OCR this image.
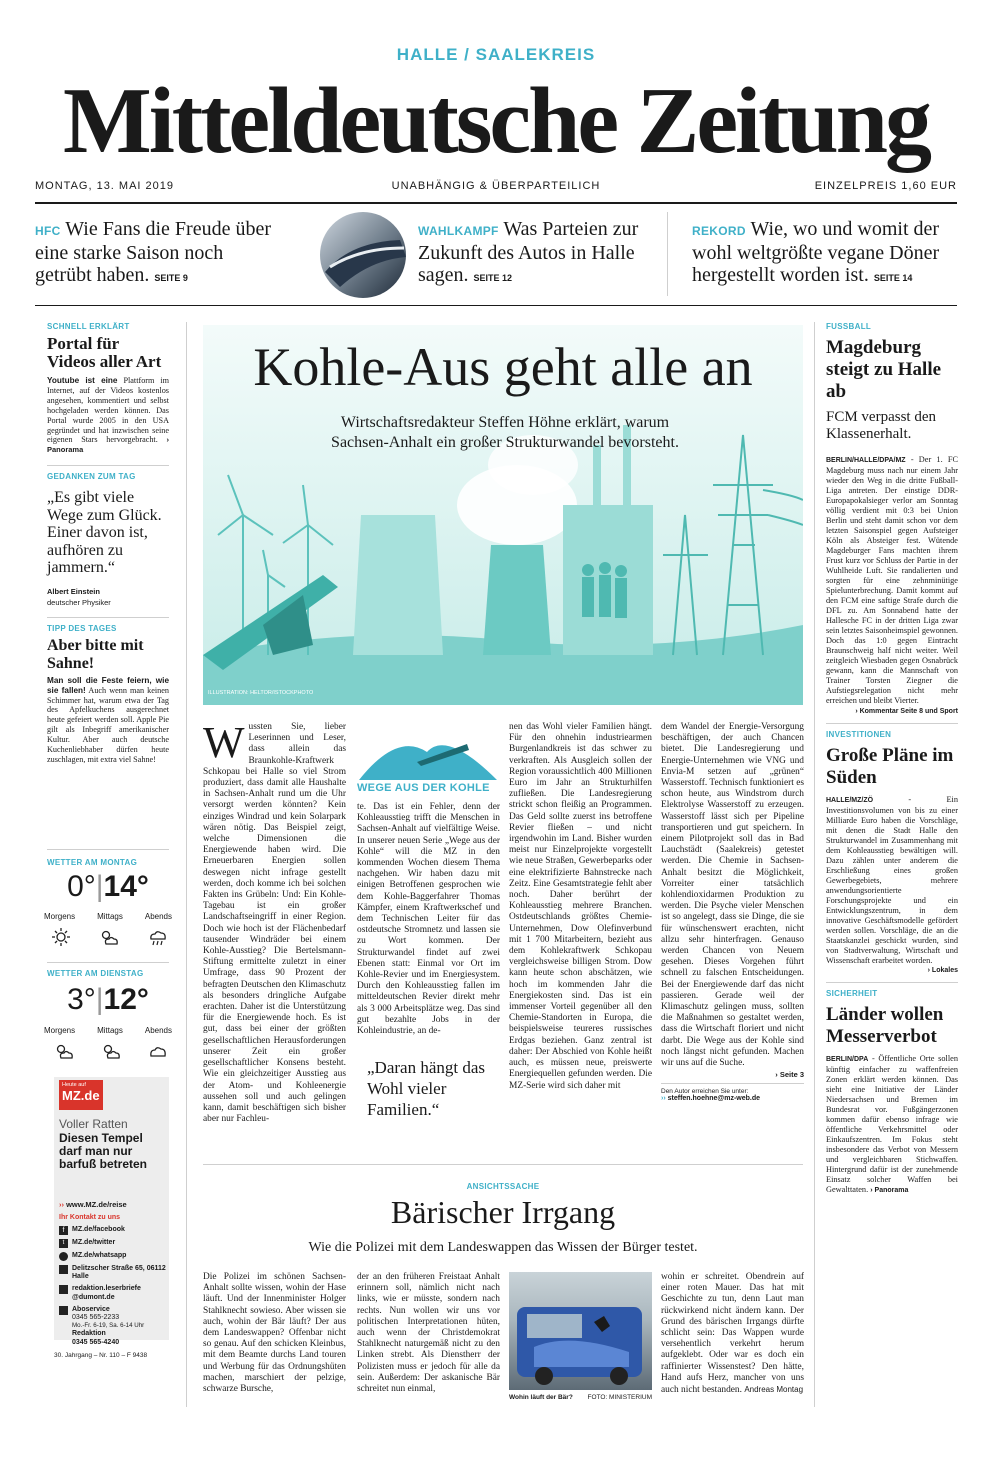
HALLE / SAALEKREIS
Mitteldeutsche Zeitung
MONTAG, 13. MAI 2019	UNABHÄNGIG & ÜBERPARTEILICH	EINZELPREIS 1,60 EUR
HFC Wie Fans die Freude über eine starke Saison noch getrübt haben. SEITE 9
WAHLKAMPF Was Parteien zur Zukunft des Autos in Halle sagen. SEITE 12
REKORD Wie, wo und womit der wohl weltgrößte vegane Döner hergestellt worden ist. SEITE 14
SCHNELL ERKLÄRT
Portal für Videos aller Art
Youtube ist eine Plattform im Internet, auf der Videos kostenlos angesehen, kommentiert und selbst hochgeladen werden können. Das Portal wurde 2005 in den USA gegründet und hat inzwischen seine eigenen Stars hervorgebracht. › Panorama
GEDANKEN ZUM TAG
„Es gibt viele Wege zum Glück. Einer davon ist, aufhören zu jammern.“
Albert Einstein
deutscher Physiker
TIPP DES TAGES
Aber bitte mit Sahne!
Man soll die Feste feiern, wie sie fallen! Auch wenn man keinen Schimmer hat, warum etwa der Tag des Apfelkuchens ausgerechnet heute gefeiert werden soll. Apple Pie gilt als Inbegriff amerikanischer Kultur. Aber auch deutsche Kuchenliebhaber dürfen heute zuschlagen, mit extra viel Sahne!
WETTER AM MONTAG
0°|14°
Morgens	Mittags	Abends
WETTER AM DIENSTAG
3°|12°
Morgens	Mittags	Abends
Heute auf
MZ.de
Voller Ratten
Diesen Tempel darf man nur barfuß betreten
›› www.MZ.de/reise
Ihr Kontakt zu uns
f	MZ.de/facebook
t	MZ.de/twitter
MZ.de/whatsapp
Delitzscher Straße 65, 06112 Halle
redaktion.leserbriefe @dumont.de
Aboservice
0345 565-2233
Mo.-Fr. 6-19, Sa. 6-14 Uhr
Redaktion
0345 565-4240
30. Jahrgang – Nr. 110 – F 9438
Kohle-Aus geht alle an
Wirtschaftsredakteur Steffen Höhne erklärt, warum Sachsen-Anhalt ein großer Strukturwandel bevorsteht.
ILLUSTRATION: HELTOR/ISTOCKPHOTO

Wussten Sie, lieber Leserinnen und Leser, dass allein das Braunkohle-Kraftwerk Schkopau bei Halle so viel Strom produziert, dass damit alle Haushalte in Sachsen-Anhalt rund um die Uhr versorgt werden könnten? Kein einziges Windrad und kein Solarpark wären nötig. Das Beispiel zeigt, welche Dimensionen die Energiewende haben wird. Die Erneuerbaren Energien sollen deswegen nicht infrage gestellt werden, doch komme ich bei solchen Fakten ins Grübeln: Und: Ein Kohle-Tagebau ist ein großer Landschaftseingriff in einer Region. Doch wie hoch ist der Flächenbedarf tausender Windräder bei einem Kohle-Ausstieg? Die Bertelsmann-Stiftung ermittelte zuletzt in einer Umfrage, dass 90 Prozent der befragten Deutschen den Klimaschutz als besonders dringliche Aufgabe erachten. Daher ist die Unterstützung für die Energiewende hoch. Es ist gut, dass bei einer der größten gesellschaftlichen Herausforderungen unserer Zeit ein großer gesellschaftlicher Konsens besteht. Wie ein gleichzeitiger Ausstieg aus der Atom- und Kohleenergie aussehen soll und auch gelingen kann, damit beschäftigen sich bisher aber nur Fachleu-

WEGE AUS DER KOHLE

te. Das ist ein Fehler, denn der Kohleausstieg trifft die Menschen in Sachsen-Anhalt auf vielfältige Weise. In unserer neuen Serie „Wege aus der Kohle“ will die MZ in den kommenden Wochen diesem Thema nachgehen. Wir haben dazu mit einigen Betroffenen gesprochen wie dem Kohle-Baggerfahrer Thomas Kämpfer, einem Kraftwerkschef und dem Technischen Leiter für das ostdeutsche Stromnetz und lassen sie zu Wort kommen. Der Strukturwandel findet auf zwei Ebenen statt: Einmal vor Ort im Kohle-Revier und im Energiesystem. Durch den Kohleausstieg fallen im mitteldeutschen Revier direkt mehr als 3 000 Arbeitsplätze weg. Das sind gut bezahlte Jobs in der Kohleindustrie, an de-

„Daran hängt das Wohl vieler Familien.“

nen das Wohl vieler Familien hängt. Für den ohnehin industriearmen Burgenlandkreis ist das schwer zu verkraften. Als Ausgleich sollen der Region voraussichtlich 400 Millionen Euro im Jahr an Strukturhilfen zufließen. Die Landesregierung strickt schon fleißig an Programmen. Das Geld sollte zuerst ins betroffene Revier fließen – und nicht irgendwohin im Land. Bisher wurden meist nur Einzelprojekte vorgestellt wie neue Straßen, Gewerbeparks oder eine elektrifizierte Bahnstrecke nach Zeitz. Eine Gesamtstrategie fehlt aber noch. Daher berührt der Kohleausstieg mehrere Branchen. Ostdeutschlands größtes Chemie-Unternehmen, Dow Olefinverbund mit 1 700 Mitarbeitern, bezieht aus dem Kohlekraftwerk Schkopau vergleichsweise billigen Strom. Dow kann heute schon abschätzen, wie hoch im kommenden Jahr die Energiekosten sind. Das ist ein immenser Vorteil gegenüber all den Chemie-Standorten in Europa, die beispielsweise teureres russisches Erdgas beziehen. Ganz zentral ist daher: Der Abschied von Kohle heißt auch, es müssen neue, preiswerte Energiequellen gefunden werden. Die MZ-Serie wird sich daher mit

dem Wandel der Energie-Versorgung beschäftigen, der auch Chancen bietet. Die Landesregierung und Energie-Unternehmen wie VNG und Envia-M setzen auf „grünen“ Wasserstoff. Technisch funktioniert es schon heute, aus Windstrom durch Elektrolyse Wasserstoff zu erzeugen. Wasserstoff lässt sich per Pipeline transportieren und gut speichern. In einem Pilotprojekt soll das in Bad Lauchstädt (Saalekreis) getestet werden. Die Chemie in Sachsen-Anhalt besitzt die Möglichkeit, Vorreiter einer tatsächlich kohlendioxidarmen Produktion zu werden. Die Psyche vieler Menschen ist so angelegt, dass sie Dinge, die sie für wünschenswert erachten, nicht allzu sehr hinterfragen. Genauso werden Chancen von Neuem gesehen. Dieses Vorgehen führt schnell zu falschen Entscheidungen. Bei der Energiewende darf das nicht passieren. Gerade weil der Klimaschutz gelingen muss, sollten die Maßnahmen so gestaltet werden, dass die Wirtschaft floriert und nicht darbt. Die Wege aus der Kohle sind noch längst nicht gefunden. Machen wir uns auf die Suche.

› Seite 3
Den Autor erreichen Sie unter:
›› steffen.hoehne@mz-web.de
ANSICHTSSACHE
Bärischer Irrgang
Wie die Polizei mit dem Landeswappen das Wissen der Bürger testet.

Die Polizei im schönen Sachsen-Anhalt sollte wissen, wohin der Hase läuft. Und der Innenminister Holger Stahlknecht sowieso. Aber wissen sie auch, wohin der Bär läuft? Der aus dem Landeswappen? Offenbar nicht so genau. Auf den schicken Kleinbus, mit dem Beamte durchs Land touren und Werbung für das Ordnungshüten machen, marschiert der pelzige, schwarze Bursche,

der an den früheren Freistaat Anhalt erinnern soll, nämlich nicht nach links, wie er müsste, sondern nach rechts. Nun wollen wir uns vor politischen Interpretationen hüten, auch wenn der Christdemokrat Stahlknecht naturgemäß nicht zu den Linken strebt. Als Dienstherr der Polizisten muss er jedoch für alle da sein. Außerdem: Der askanische Bär schreitet nun einmal,

Wohin läuft der Bär? FOTO: MINISTERIUM

wohin er schreitet. Obendrein auf einer roten Mauer. Das hat mit Geschichte zu tun, denn Laut man rückwirkend nicht ändern kann. Der Grund des bärischen Irrgangs dürfte schlicht sein: Das Wappen wurde versehentlich verkehrt herum aufgeklebt. Oder war es doch ein raffinierter Wissenstest? Den hätte, Hand aufs Herz, mancher von uns auch nicht bestanden. Andreas Montag

FUSSBALL
Magdeburg steigt zu Halle ab
FCM verpasst den Klassenerhalt.
BERLIN/HALLE/DPA/MZ - Der 1. FC Magdeburg muss nach nur einem Jahr wieder den Weg in die dritte Fußball-Liga antreten. Der einstige DDR-Europapokalsieger verlor am Sonntag völlig verdient mit 0:3 bei Union Berlin und steht damit schon vor dem letzten Saisonspiel gegen Aufsteiger Köln als Absteiger fest. Wütende Magdeburger Fans machten ihrem Frust kurz vor Schluss der Partie in der Wuhlheide Luft. Sie randalierten und sorgten für eine zehnminütige Spielunterbrechung. Damit kommt auf den FCM eine saftige Strafe durch die DFL zu. Am Sonnabend hatte der Hallesche FC in der dritten Liga zwar sein letztes Saisonheimspiel gewonnen. Doch das 1:0 gegen Eintracht Braunschweig half nicht weiter. Weil zeitgleich Wiesbaden gegen Osnabrück gewann, kann die Mannschaft von Trainer Torsten Ziegner die Aufstiegsrelegation nicht mehr erreichen und bleibt Vierter.
› Kommentar Seite 8 und Sport
INVESTITIONEN
Große Pläne im Süden
HALLE/MZ/ZÖ	- Ein Investitionsvolumen von bis zu einer Milliarde Euro haben die Vorschläge, mit denen die Stadt Halle den Strukturwandel im Zusammenhang mit dem Kohleausstieg bewältigen will. Dazu zählen unter anderem die Erschließung eines großen Gewerbegebiets, mehrere anwendungsorientierte Forschungsprojekte und ein Entwicklungszentrum, in dem innovative Geschäftsmodelle gefördert werden sollen. Vorschläge, die an die Staatskanzlei geschickt wurden, sind von Stadtverwaltung, Wirtschaft und Wissenschaft erarbeitet worden.
› Lokales
SICHERHEIT
Länder wollen Messerverbot
BERLIN/DPA - Öffentliche Orte sollen künftig einfacher zu waffenfreien Zonen erklärt werden können. Das sieht eine Initiative der Länder Niedersachsen und Bremen im Bundesrat vor. Fußgängerzonen kommen dafür ebenso infrage wie öffentliche Verkehrsmittel oder Einkaufszentren. Im Fokus steht insbesondere das Verbot von Messern und vergleichbaren Stichwaffen. Hintergrund dafür ist der zunehmende Einsatz solcher Waffen bei Gewalttaten. › Panorama
